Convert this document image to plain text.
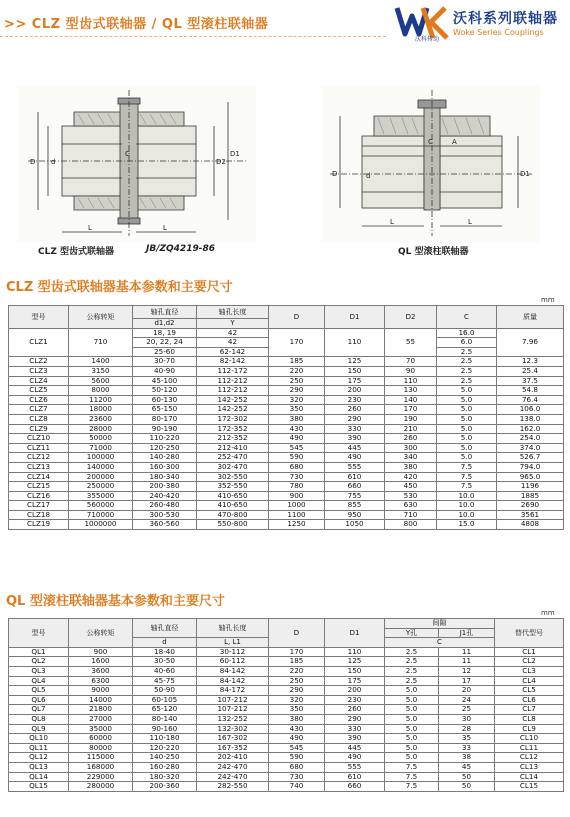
>> CLZ 型齿式联轴器 / QL 型滚柱联轴器	沃科系列联轴器
Woke Series Couplings
沃科传动
L	L
C
D d	D2
D1
CLZ 型齿式联轴器	JB/ZQ4219-86
L	L
C
D	d	D1
A
QL 型滚柱联轴器
CLZ 型齿式联轴器基本参数和主要尺寸
mm
型号	公称转矩	轴孔直径	轴孔长度	D	D1	D2	C	质量
		d1,d2	Y					
CLZ1	710	18, 19	42	170	110	55	16.0	7.96
		20, 22, 24	42				6.0	
		25-60	62-142				2.5	
CLZ2	1400	30-70	82-142	185	125	70	2.5	12.3
CLZ3	3150	40-90	112-172	220	150	90	2.5	25.4
CLZ4	5600	45-100	112-212	250	175	110	2.5	37.5
CLZ5	8000	50-120	112-212	290	200	130	5.0	54.8
CLZ6	11200	60-130	142-252	320	230	140	5.0	76.4
CLZ7	18000	65-150	142-252	350	260	170	5.0	106.0
CLZ8	23600	80-170	172-302	380	290	190	5.0	138.0
CLZ9	28000	90-190	172-352	430	330	210	5.0	162.0
CLZ10	50000	110-220	212-352	490	390	260	5.0	254.0
CLZ11	71000	120-250	212-410	545	445	300	5.0	374.0
CLZ12	100000	140-280	252-470	590	490	340	5.0	526.7
CLZ13	140000	160-300	302-470	680	555	380	7.5	794.0
CLZ14	200000	180-340	302-550	730	610	420	7.5	965.0
CLZ15	250000	200-380	352-550	780	660	450	7.5	1196
CLZ16	355000	240-420	410-650	900	755	530	10.0	1885
CLZ17	560000	260-480	410-650	1000	855	630	10.0	2690
CLZ18	710000	300-530	470-800	1100	950	710	10.0	3561
CLZ19	1000000	360-560	550-800	1250	1050	800	15.0	4808
QL 型滚柱联轴器基本参数和主要尺寸
mm
型号	公称转矩	轴孔直径	轴孔长度	D	D1	间隙		替代型号
						Y孔	J1孔	
		d	L, L1			C		
QL1	900	18-40	30-112	170	110	2.5	11	CL1
QL2	1600	30-50	60-112	185	125	2.5	11	CL2
QL3	3600	40-60	84-142	220	150	2.5	12	CL3
QL4	6300	45-75	84-142	250	175	2.5	17	CL4
QL5	9000	50-90	84-172	290	200	5.0	20	CL5
QL6	14000	60-105	107-212	320	230	5.0	24	CL6
QL7	21800	65-120	107-212	350	260	5.0	25	CL7
QL8	27000	80-140	132-252	380	290	5.0	30	CL8
QL9	35000	90-160	132-302	430	330	5.0	28	CL9
QL10	60000	110-180	167-302	490	390	5.0	35	CL10
QL11	80000	120-220	167-352	545	445	5.0	33	CL11
QL12	115000	140-250	202-410	590	490	5.0	38	CL12
QL13	168000	160-280	242-470	680	555	7.5	45	CL13
QL14	229000	180-320	242-470	730	610	7.5	50	CL14
QL15	280000	200-360	282-550	740	660	7.5	50	CL15
